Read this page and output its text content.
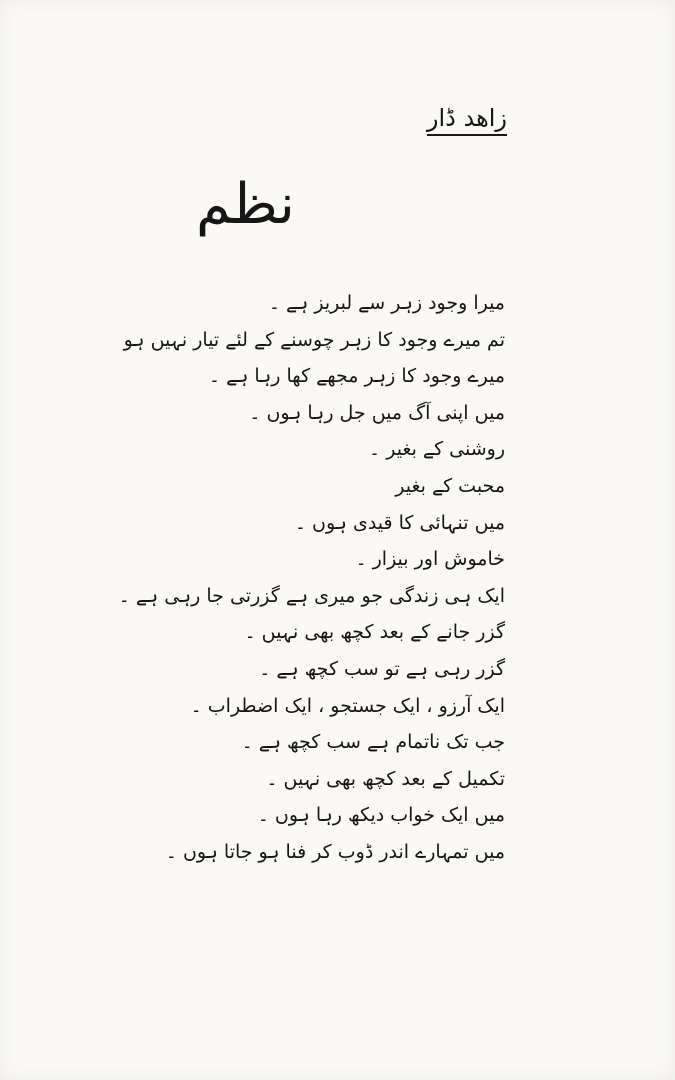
زاھد ڈار
نظم
میرا وجود زہر سے لبریز ہے ۔
تم میرے وجود کا زہر چوسنے کے لئے تیار نہیں ہو
میرے وجود کا زہر مجھے کھا رہا ہے ۔
میں اپنی آگ میں جل رہا ہوں ۔
روشنی کے بغیر ۔
محبت کے بغیر
میں تنہائی کا قیدی ہوں ۔
خاموش اور بیزار ۔
ایک ہی زندگی جو میری ہے گزرتی جا رہی ہے ۔
گزر جانے کے بعد کچھ بھی نہیں ۔
گزر رہی ہے تو سب کچھ ہے ۔
ایک آرزو ، ایک جستجو ، ایک اضطراب ۔
جب تک ناتمام ہے سب کچھ ہے ۔
تکمیل کے بعد کچھ بھی نہیں ۔
میں ایک خواب دیکھ رہا ہوں ۔
میں تمہارے اندر ڈوب کر فنا ہو جاتا ہوں ۔
